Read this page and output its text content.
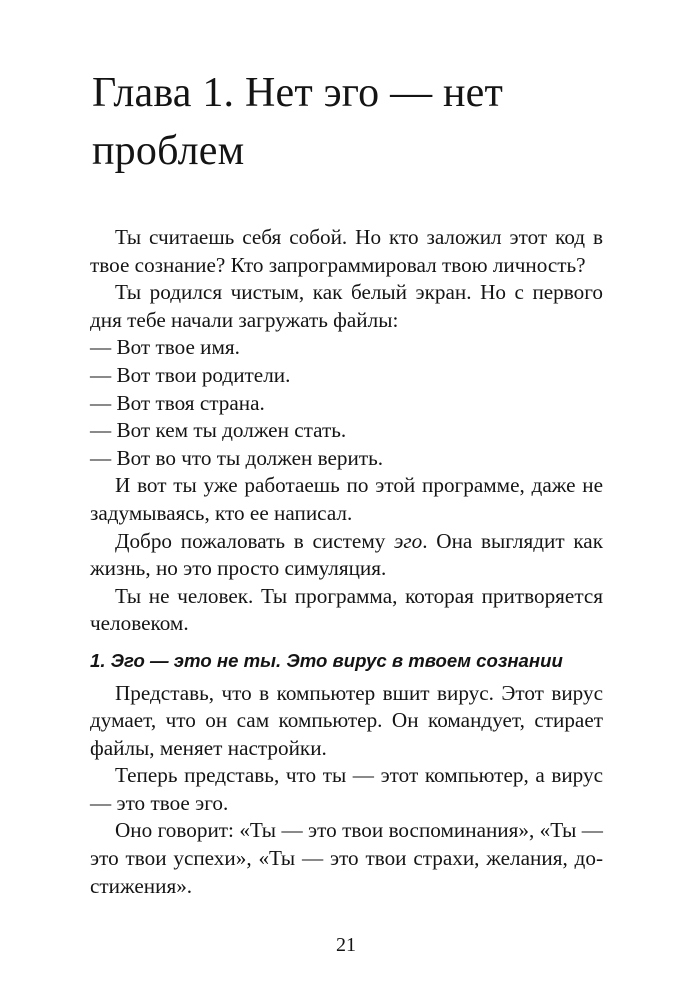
Глава 1. Нет эго — нет
проблем

Ты считаешь себя собой. Но кто заложил этот код в твое сознание? Кто запрограммировал твою личность?

Ты родился чистым, как белый экран. Но с первого дня тебе начали загружать файлы:

— Вот твое имя.

— Вот твои родители.

— Вот твоя страна.

— Вот кем ты должен стать.

— Вот во что ты должен верить.

И вот ты уже работаешь по этой программе, даже не задумываясь, кто ее написал.

Добро пожаловать в систему эго. Она выглядит как жизнь, но это просто симуляция.

Ты не человек. Ты программа, которая притворяется человеком.

1. Эго — это не ты. Это вирус в твоем сознании

Представь, что в компьютер вшит вирус. Этот вирус думает, что он сам компьютер. Он командует, стирает файлы, меняет настройки.

Теперь представь, что ты — этот компьютер, а вирус — это твое эго.

Оно говорит: «Ты — это твои воспоминания», «Ты — это твои успехи», «Ты — это твои страхи, желания, достижения».

21
